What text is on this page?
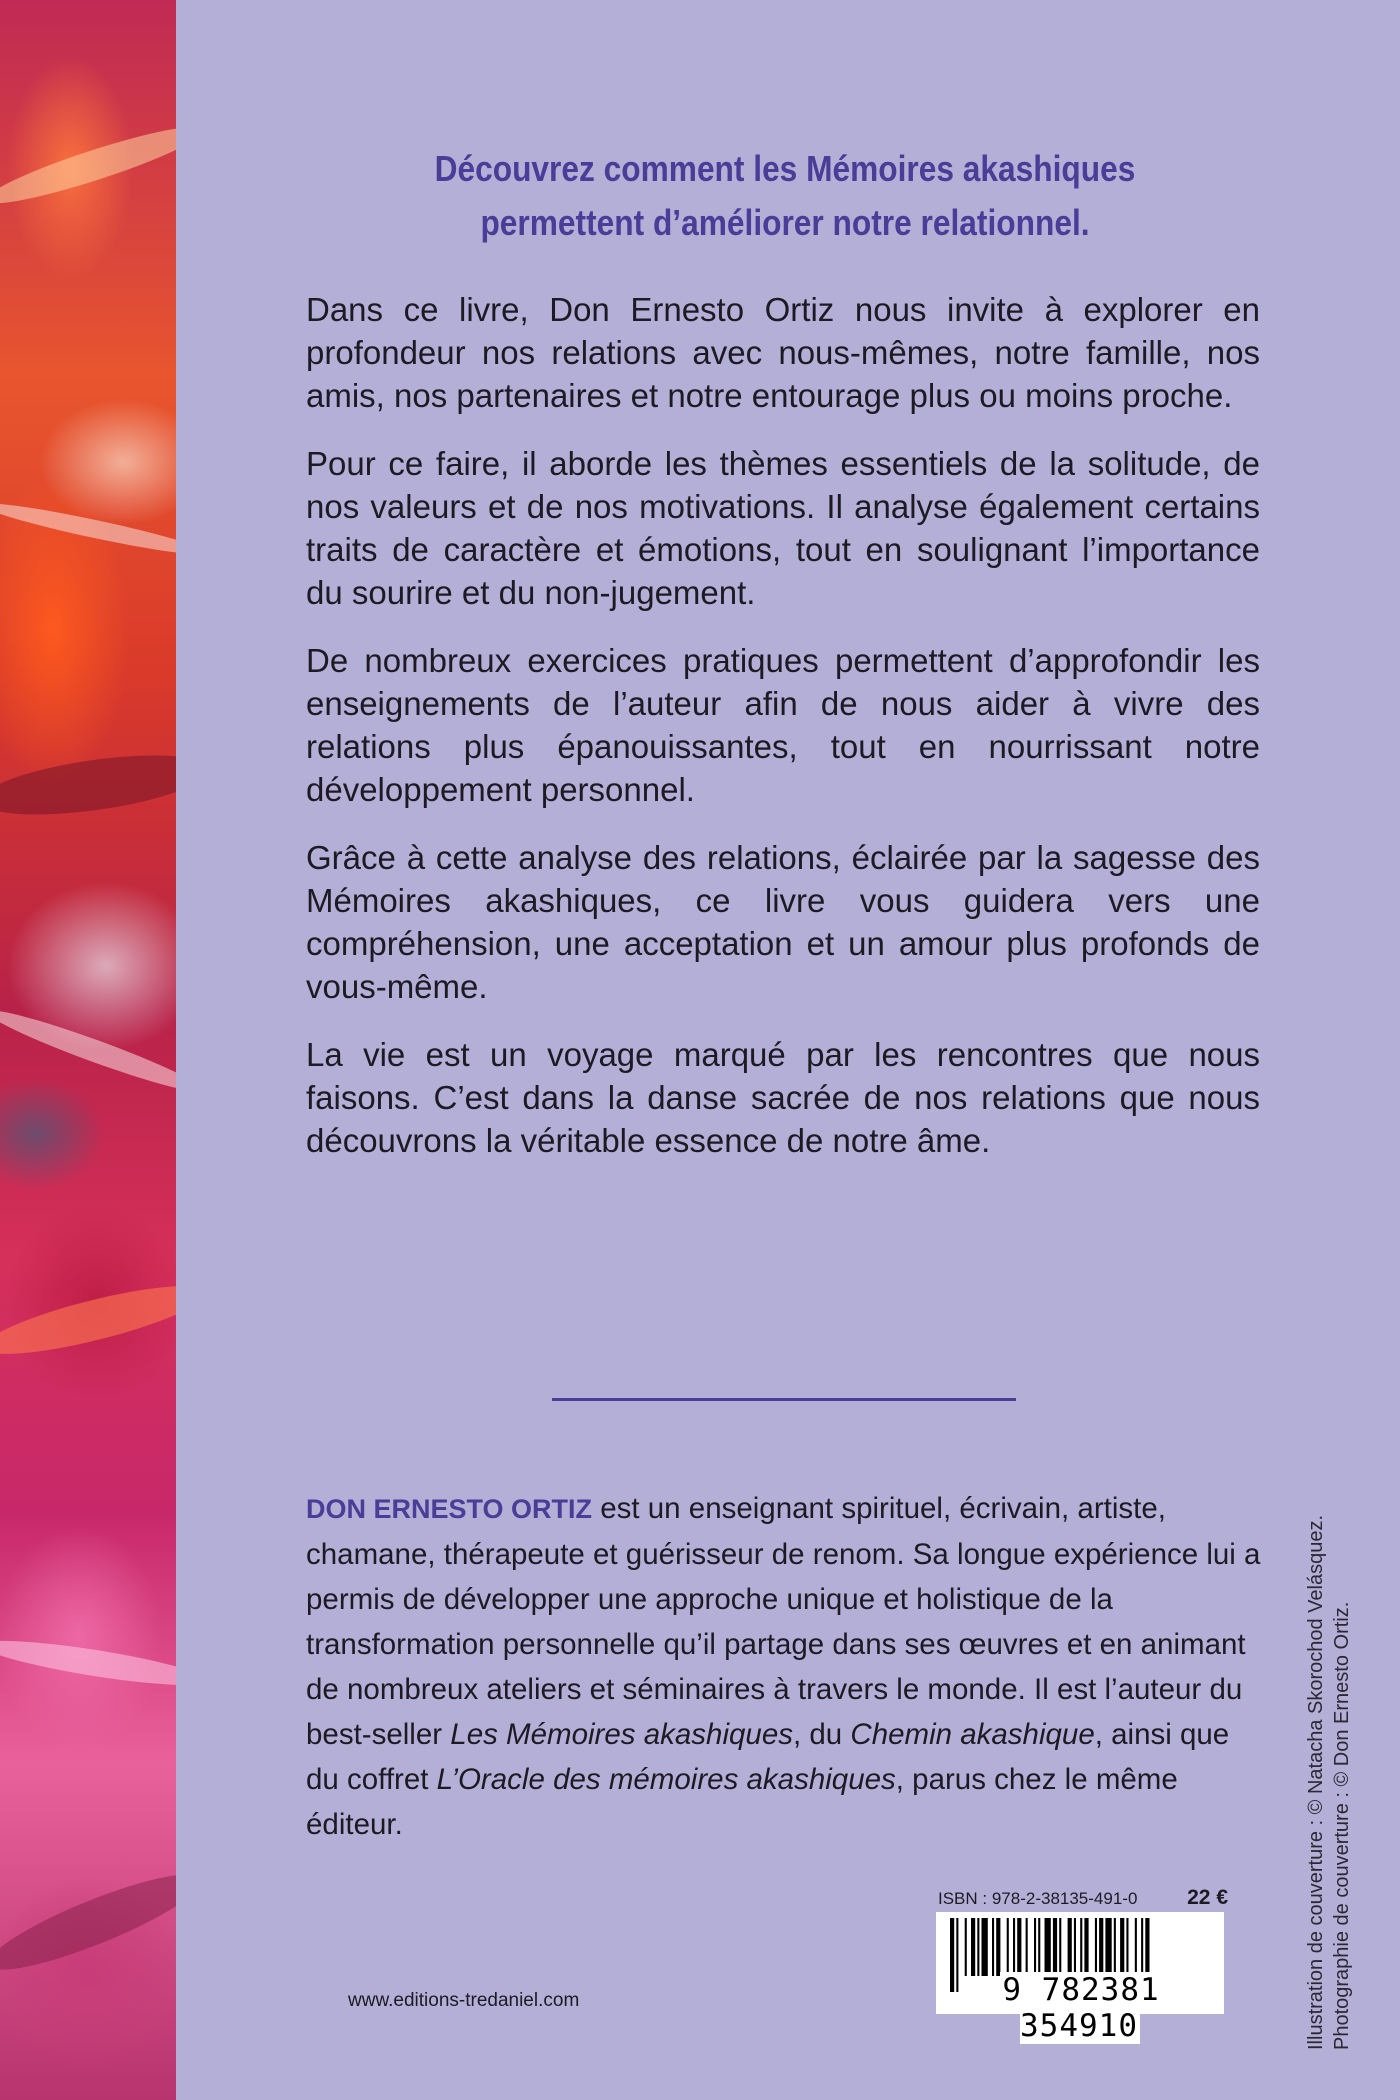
Découvrez comment les Mémoires akashiques
permettent d’améliorer notre relationnel.

Dans ce livre, Don Ernesto Ortiz nous invite à explorer en profondeur nos relations avec nous-mêmes, notre famille, nos amis, nos partenaires et notre entourage plus ou moins proche.

Pour ce faire, il aborde les thèmes essentiels de la solitude, de nos valeurs et de nos motivations. Il analyse également certains traits de caractère et émotions, tout en soulignant l’importance du sourire et du non-jugement.

De nombreux exercices pratiques permettent d’approfondir les enseignements de l’auteur afin de nous aider à vivre des relations plus épanouissantes, tout en nourrissant notre développement personnel.

Grâce à cette analyse des relations, éclairée par la sagesse des Mémoires akashiques, ce livre vous guidera vers une compréhension, une acceptation et un amour plus profonds de vous-même.

La vie est un voyage marqué par les rencontres que nous faisons. C’est dans la danse sacrée de nos relations que nous découvrons la véritable essence de notre âme.

DON ERNESTO ORTIZ est un enseignant spirituel, écrivain, artiste, chamane, thérapeute et guérisseur de renom. Sa longue expérience lui a permis de développer une approche unique et holistique de la transformation personnelle qu’il partage dans ses œuvres et en animant de nombreux ateliers et séminaires à travers le monde. Il est l’auteur du best-seller Les Mémoires akashiques, du Chemin akashique, ainsi que du coffret L’Oracle des mémoires akashiques, parus chez le même éditeur.	Illustration de couverture : © Natacha Skorochod Velásquez. Photographie de couverture : © Don Ernesto Ortiz.
www.editions-tredaniel.com
ISBN : 978-2-38135-491-0 22 €
9 782381 354910
